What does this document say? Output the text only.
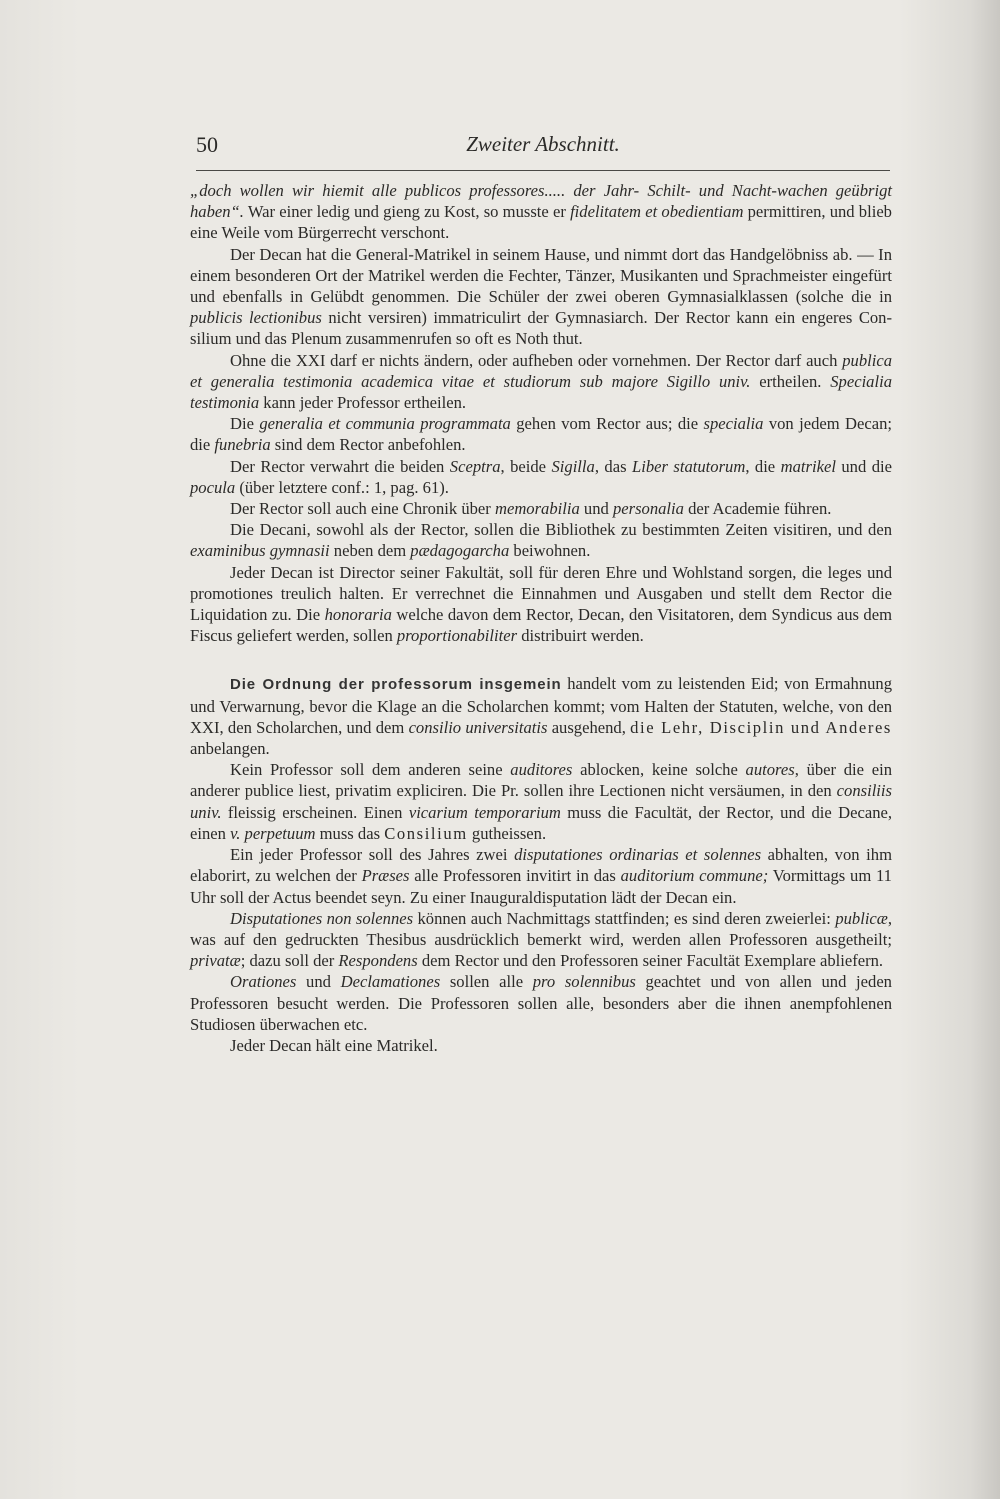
50	Zweiter Abschnitt.

„doch wollen wir hiemit alle publicos professores..... der Jahr- Schilt- und Nacht-wachen geübrigt haben“. War einer ledig und gieng zu Kost, so musste er fidelitatem et obedientiam permittiren, und blieb eine Weile vom Bürgerrecht verschont.

Der Decan hat die General-Matrikel in seinem Hause, und nimmt dort das Handgelöbniss ab. — In einem besonderen Ort der Matrikel werden die Fechter, Tänzer, Musikanten und Sprachmeister eingefürt und ebenfalls in Gelübdt genommen. Die Schüler der zwei oberen Gymnasialklassen (solche die in publicis lectionibus nicht versiren) immatriculirt der Gymnasiarch. Der Rector kann ein engeres Con-silium und das Plenum zusammenrufen so oft es Noth thut.

Ohne die XXI darf er nichts ändern, oder aufheben oder vornehmen. Der Rector darf auch publica et generalia testimonia academica vitae et studiorum sub majore Sigillo univ. ertheilen. Specialia testimonia kann jeder Professor ertheilen.

Die generalia et communia programmata gehen vom Rector aus; die specialia von jedem Decan; die funebria sind dem Rector anbefohlen.

Der Rector verwahrt die beiden Sceptra, beide Sigilla, das Liber statutorum, die matrikel und die pocula (über letztere conf.: 1, pag. 61).

Der Rector soll auch eine Chronik über memorabilia und personalia der Academie führen.

Die Decani, sowohl als der Rector, sollen die Bibliothek zu bestimmten Zeiten visitiren, und den examinibus gymnasii neben dem pædagogarcha beiwohnen.

Jeder Decan ist Director seiner Fakultät, soll für deren Ehre und Wohlstand sorgen, die leges und promotiones treulich halten. Er verrechnet die Einnahmen und Ausgaben und stellt dem Rector die Liquidation zu. Die honoraria welche davon dem Rector, Decan, den Visitatoren, dem Syndicus aus dem Fiscus geliefert werden, sollen proportionabiliter distribuirt werden.

Die Ordnung der professorum insgemein handelt vom zu leistenden Eid; von Ermahnung und Verwarnung, bevor die Klage an die Scholarchen kommt; vom Halten der Statuten, welche, von den XXI, den Scholarchen, und dem consilio universitatis ausgehend, die Lehr, Disciplin und Anderes anbelangen.

Kein Professor soll dem anderen seine auditores ablocken, keine solche autores, über die ein anderer publice liest, privatim expliciren. Die Pr. sollen ihre Lectionen nicht versäumen, in den consiliis univ. fleissig erscheinen. Einen vicarium temporarium muss die Facultät, der Rector, und die Decane, einen v. perpetuum muss das Consilium gutheissen.

Ein jeder Professor soll des Jahres zwei disputationes ordinarias et solennes abhalten, von ihm elaborirt, zu welchen der Præses alle Professoren invitirt in das auditorium commune; Vormittags um 11 Uhr soll der Actus beendet seyn. Zu einer Inauguraldisputation lädt der Decan ein.

Disputationes non solennes können auch Nachmittags stattfinden; es sind deren zweierlei: publicæ, was auf den gedruckten Thesibus ausdrücklich bemerkt wird, werden allen Professoren ausgetheilt; privatæ; dazu soll der Respondens dem Rector und den Professoren seiner Facultät Exemplare abliefern.

Orationes und Declamationes sollen alle pro solennibus geachtet und von allen und jeden Professoren besucht werden. Die Professoren sollen alle, besonders aber die ihnen anempfohlenen Studiosen überwachen etc.

Jeder Decan hält eine Matrikel.
